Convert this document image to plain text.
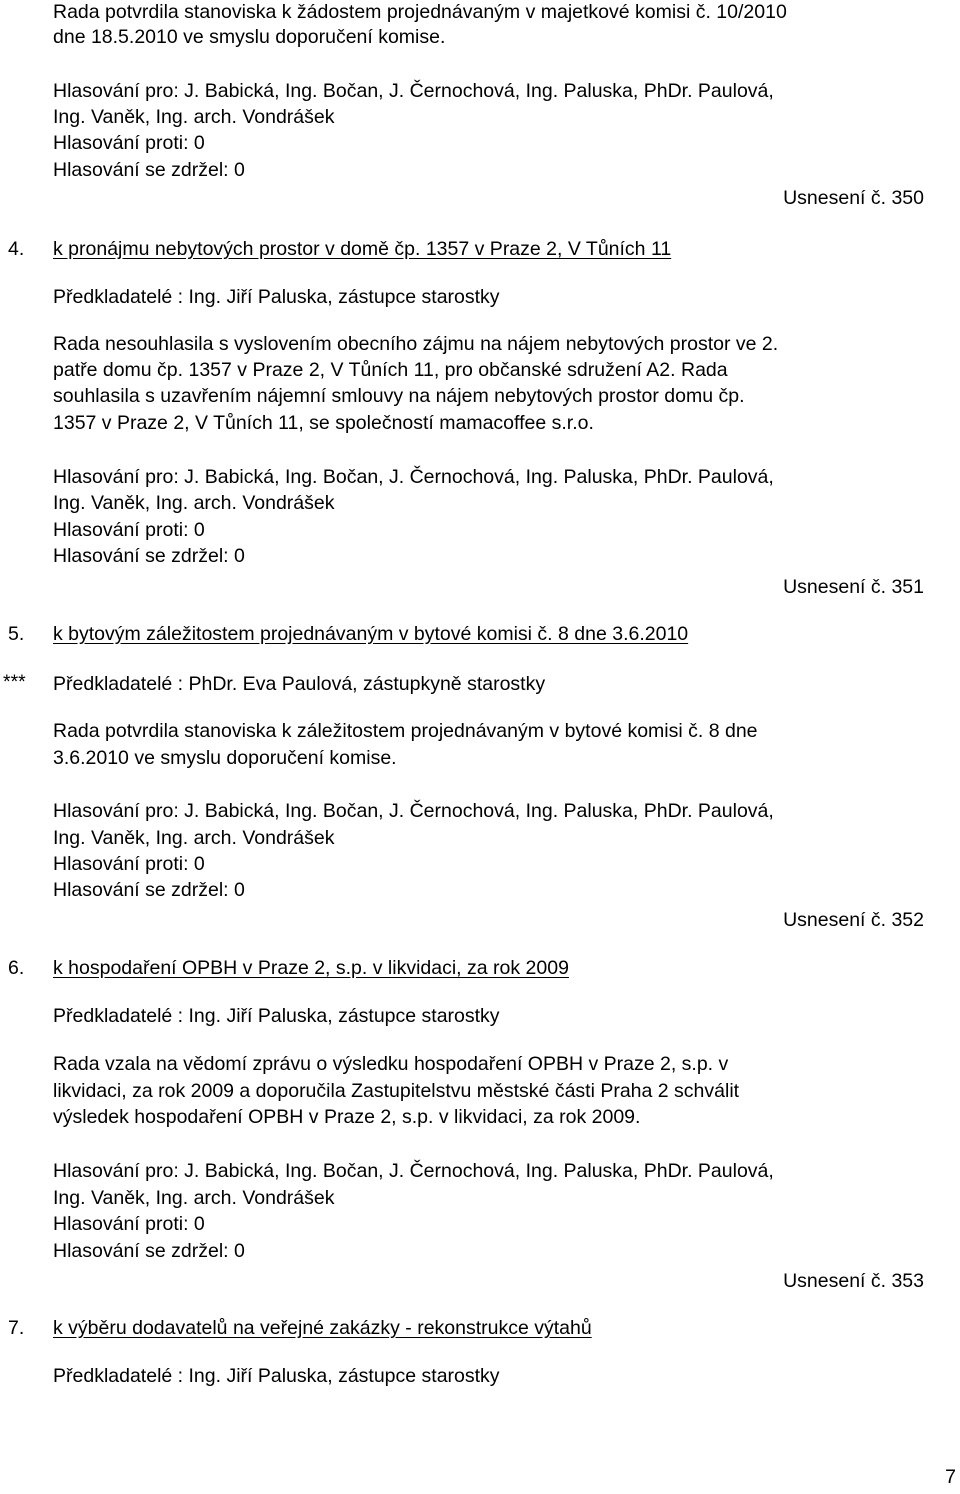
Rada potvrdila stanoviska k žádostem projednávaným v majetkové komisi č. 10/2010
dne 18.5.2010 ve smyslu doporučení komise.
Hlasování pro: J. Babická, Ing. Bočan, J. Černochová, Ing. Paluska, PhDr. Paulová,
Ing. Vaněk, Ing. arch. Vondrášek
Hlasování proti: 0
Hlasování se zdržel: 0
Usnesení č. 350
4. k pronájmu nebytových prostor v domě čp. 1357 v Praze 2, V Tůních 11
Předkladatelé : Ing. Jiří Paluska, zástupce starostky
Rada nesouhlasila s vyslovením obecního zájmu na nájem nebytových prostor ve 2.
patře domu čp. 1357 v Praze 2, V Tůních 11, pro občanské sdružení A2. Rada
souhlasila s uzavřením nájemní smlouvy na nájem nebytových prostor domu čp.
1357 v Praze 2, V Tůních 11, se společností mamacoffee s.r.o.
Hlasování pro: J. Babická, Ing. Bočan, J. Černochová, Ing. Paluska, PhDr. Paulová,
Ing. Vaněk, Ing. arch. Vondrášek
Hlasování proti: 0
Hlasování se zdržel: 0
Usnesení č. 351
5. k bytovým záležitostem projednávaným v bytové komisi č. 8 dne 3.6.2010
*** Předkladatelé : PhDr. Eva Paulová, zástupkyně starostky
Rada potvrdila stanoviska k záležitostem projednávaným v bytové komisi č. 8 dne
3.6.2010 ve smyslu doporučení komise.
Hlasování pro: J. Babická, Ing. Bočan, J. Černochová, Ing. Paluska, PhDr. Paulová,
Ing. Vaněk, Ing. arch. Vondrášek
Hlasování proti: 0
Hlasování se zdržel: 0
Usnesení č. 352
6. k hospodaření OPBH v Praze 2, s.p. v likvidaci, za rok 2009
Předkladatelé : Ing. Jiří Paluska, zástupce starostky
Rada vzala na vědomí zprávu o výsledku hospodaření OPBH v Praze 2, s.p. v
likvidaci, za rok 2009 a doporučila Zastupitelstvu městské části Praha 2 schválit
výsledek hospodaření OPBH v Praze 2, s.p. v likvidaci, za rok 2009.
Hlasování pro: J. Babická, Ing. Bočan, J. Černochová, Ing. Paluska, PhDr. Paulová,
Ing. Vaněk, Ing. arch. Vondrášek
Hlasování proti: 0
Hlasování se zdržel: 0
Usnesení č. 353
7. k výběru dodavatelů na veřejné zakázky - rekonstrukce výtahů
Předkladatelé : Ing. Jiří Paluska, zástupce starostky
7
